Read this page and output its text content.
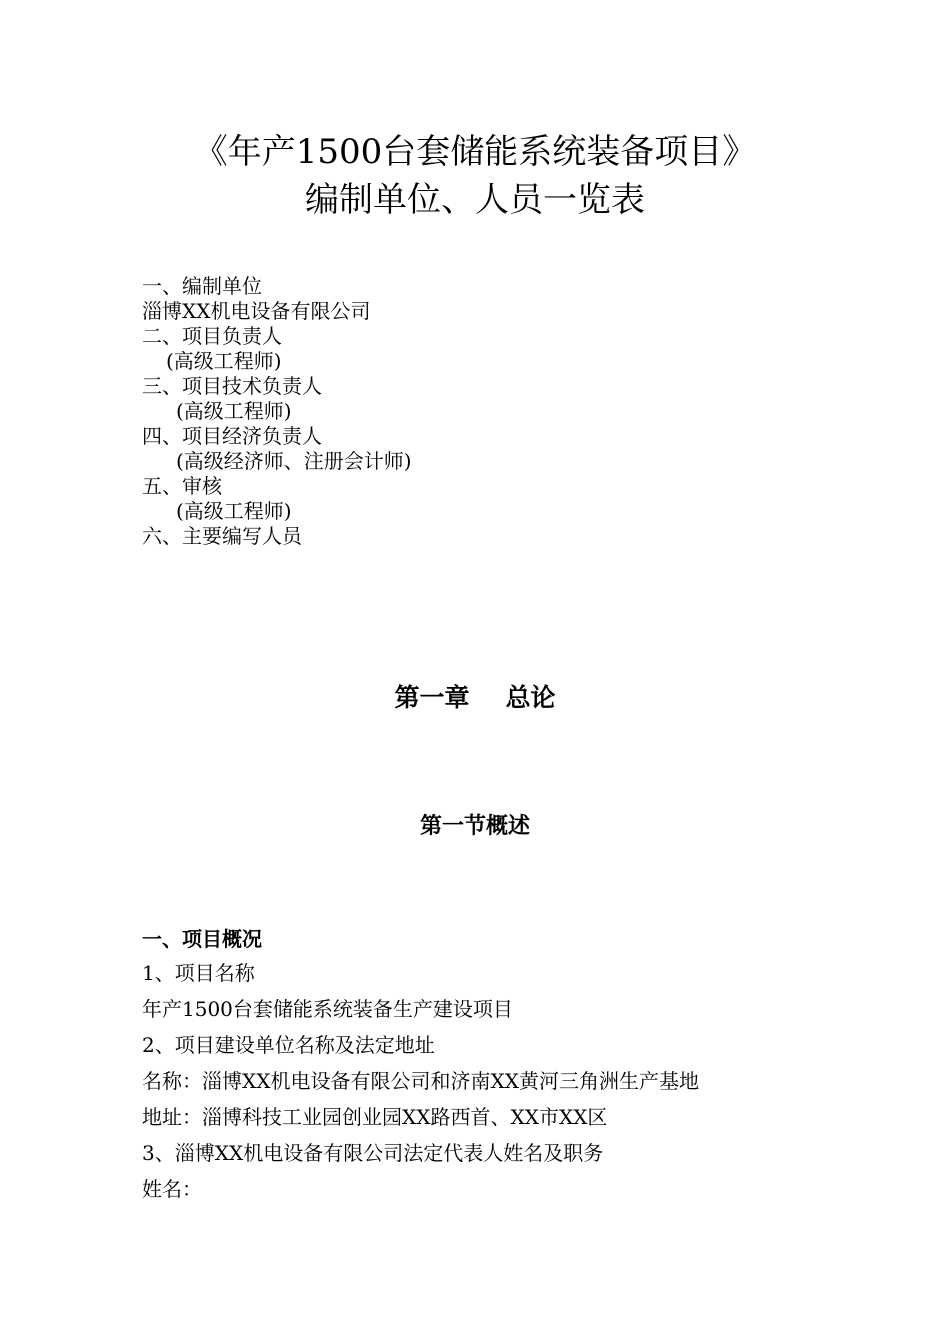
《年产1500台套储能系统装备项目》
编制单位、人员一览表
一、编制单位
淄博XX机电设备有限公司
二、项目负责人
(高级工程师)
三、项目技术负责人
(高级工程师)
四、项目经济负责人
(高级经济师、注册会计师)
五、审核
(高级工程师)
六、主要编写人员
第一章 总论
第一节概述
一、项目概况
1、项目名称
年产1500台套储能系统装备生产建设项目
2、项目建设单位名称及法定地址
名称：淄博XX机电设备有限公司和济南XX黄河三角洲生产基地
地址：淄博科技工业园创业园XX路西首、XX市XX区
3、淄博XX机电设备有限公司法定代表人姓名及职务
姓名：
